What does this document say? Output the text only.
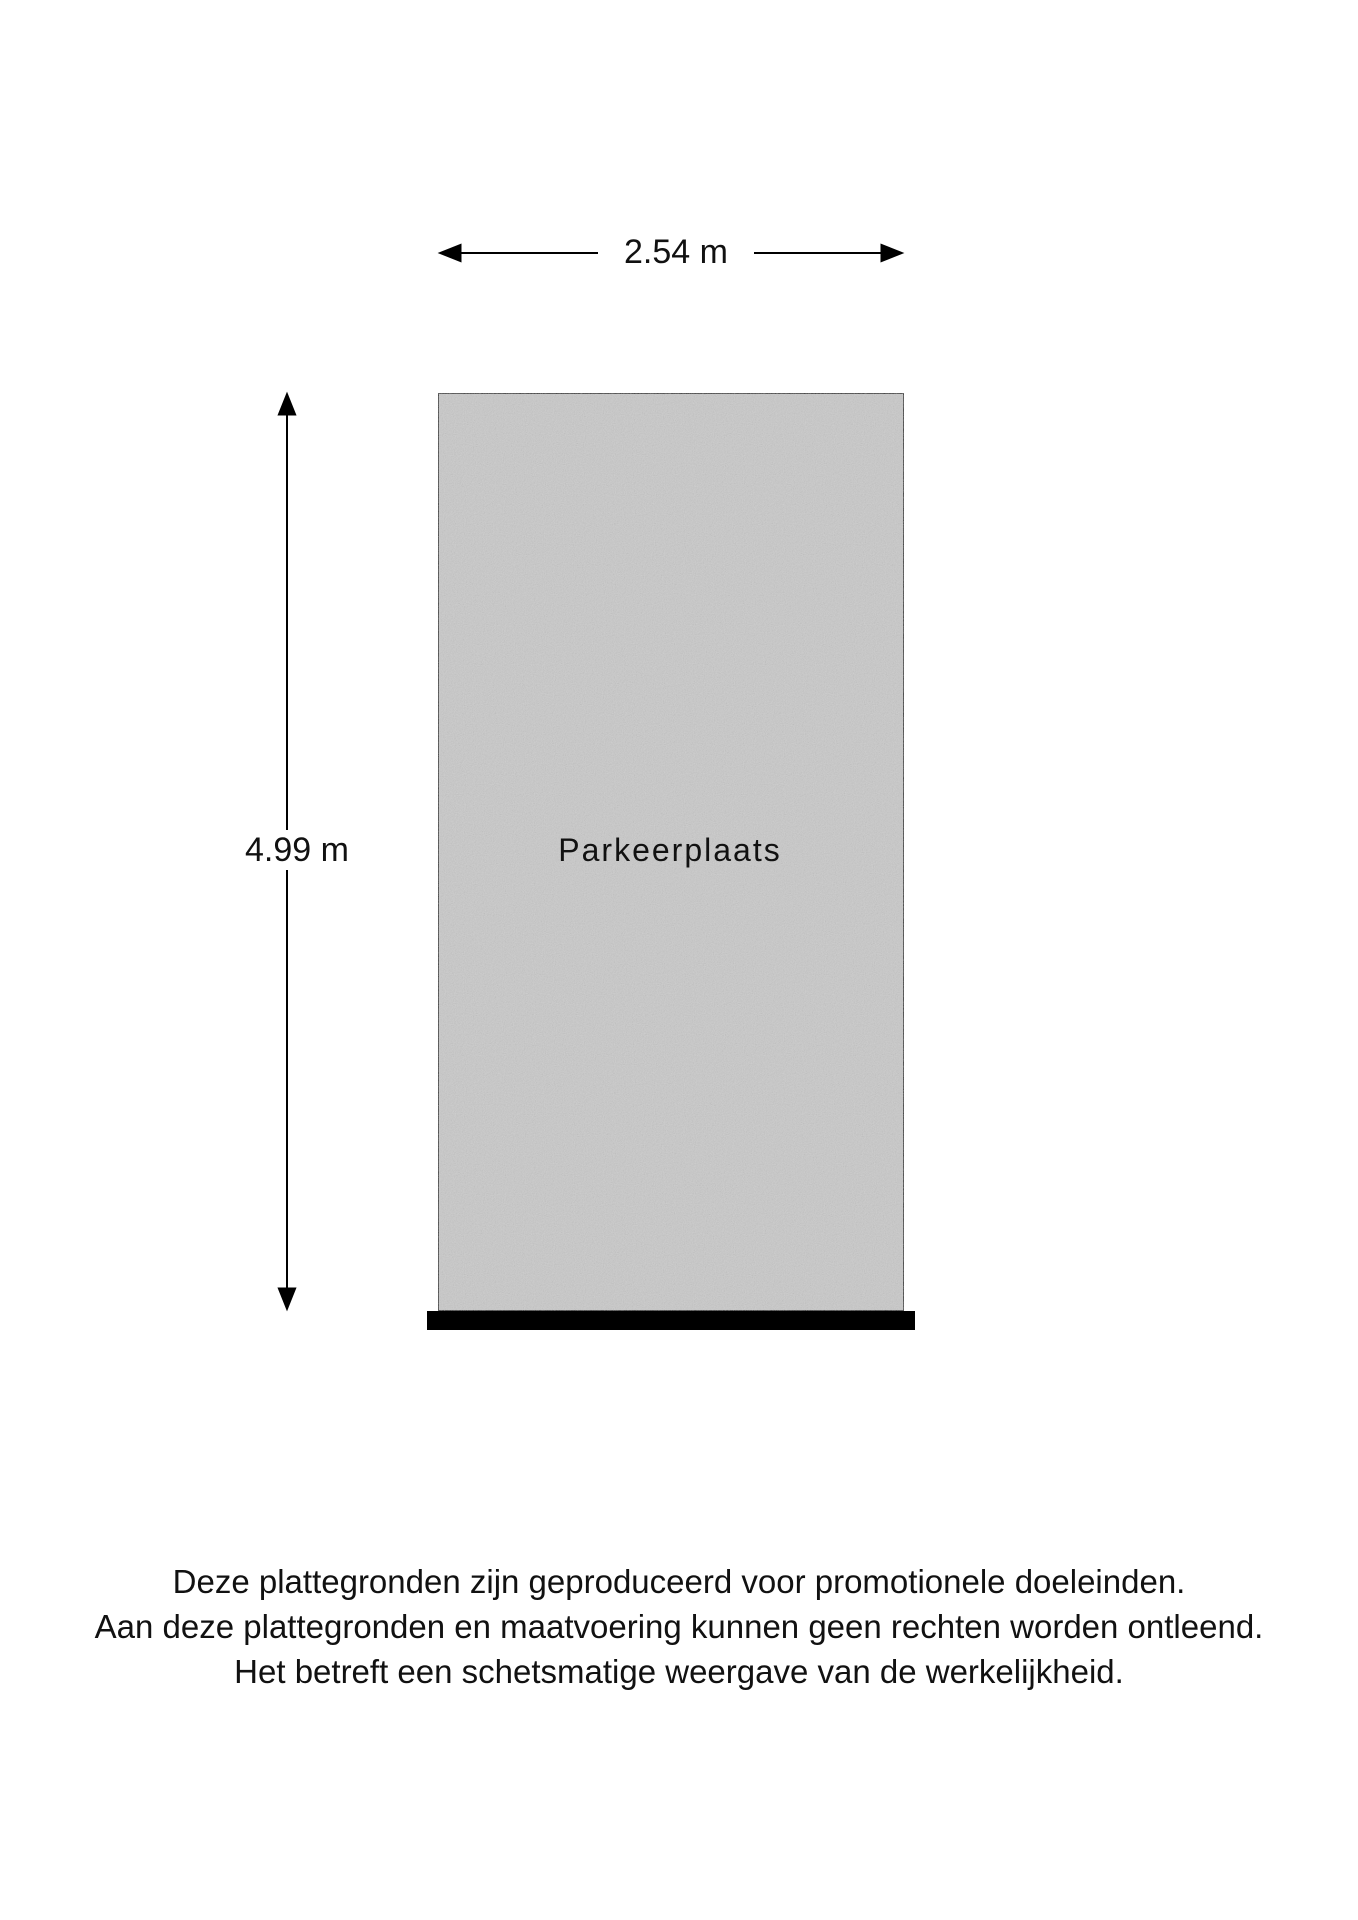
2.54 m
4.99 m	Parkeerplaats
Deze plattegronden zijn geproduceerd voor promotionele doeleinden.
Aan deze plattegronden en maatvoering kunnen geen rechten worden ontleend.
Het betreft een schetsmatige weergave van de werkelijkheid.
